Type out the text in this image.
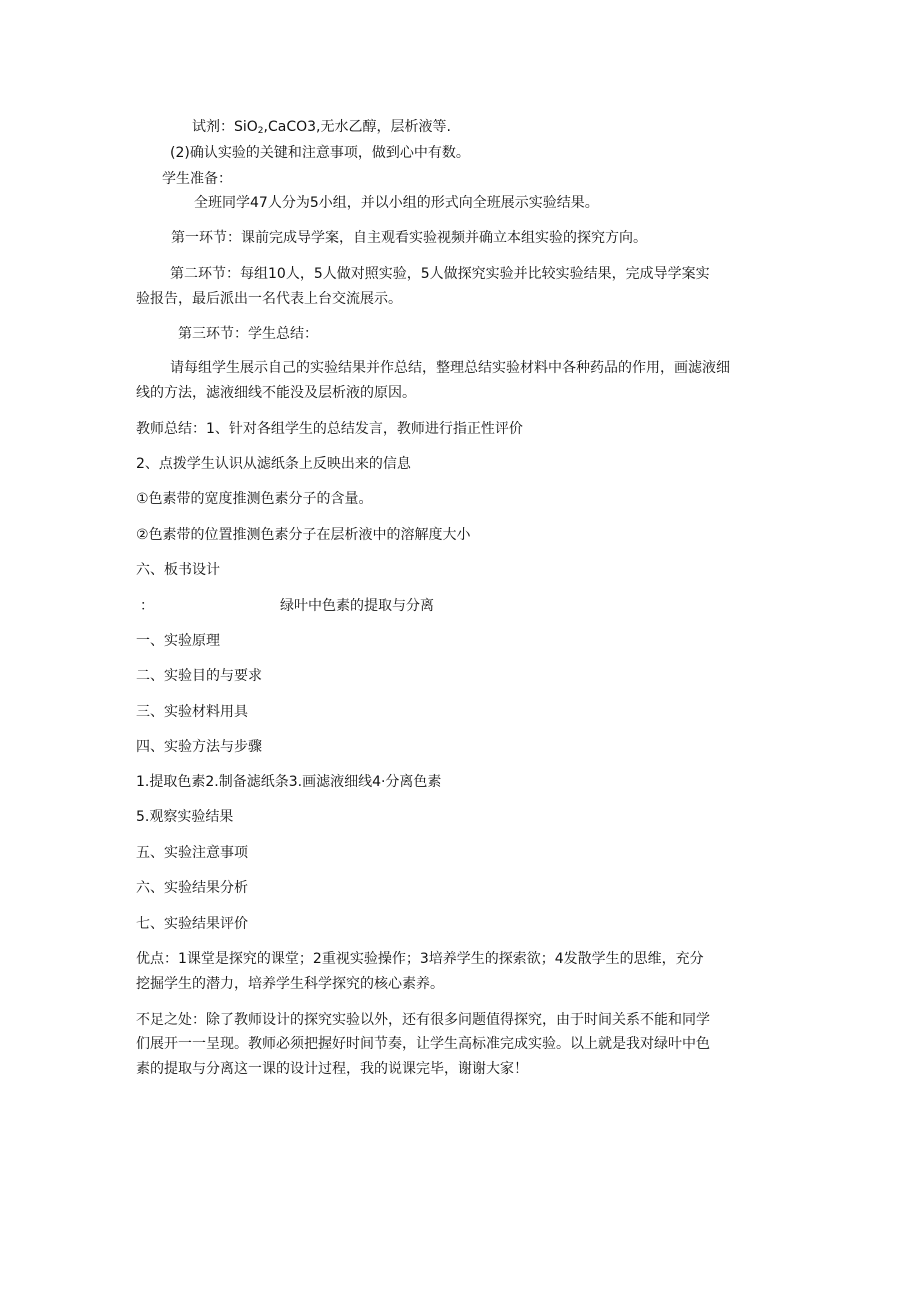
试剂：SiO$_2$,CaCO3,无水乙醇，层析液等.

(2)确认实验的关键和注意事项，做到心中有数。

学生准备：

全班同学47人分为5小组，并以小组的形式向全班展示实验结果。

第一环节：课前完成导学案，自主观看实验视频并确立本组实验的探究方向。

第二环节：每组10人，5人做对照实验，5人做探究实验并比较实验结果，完成导学案实

验报告，最后派出一名代表上台交流展示。

第三环节：学生总结：

请每组学生展示自己的实验结果并作总结，整理总结实验材料中各种药品的作用，画滤液细

线的方法，滤液细线不能没及层析液的原因。

教师总结：1、针对各组学生的总结发言，教师进行指正性评价

2、点拨学生认识从滤纸条上反映出来的信息

①色素带的宽度推测色素分子的含量。

②色素带的位置推测色素分子在层析液中的溶解度大小

六、板书设计

：	绿叶中色素的提取与分离

一、实验原理

二、实验目的与要求

三、实验材料用具

四、实验方法与步骤

1.提取色素2.制备滤纸条3.画滤液细线4·分离色素

5.观察实验结果

五、实验注意事项

六、实验结果分析

七、实验结果评价

优点：1课堂是探究的课堂；2重视实验操作；3培养学生的探索欲；4发散学生的思维，充分

挖掘学生的潜力，培养学生科学探究的核心素养。

不足之处：除了教师设计的探究实验以外，还有很多问题值得探究，由于时间关系不能和同学

们展开一一呈现。教师必须把握好时间节奏，让学生高标准完成实验。以上就是我对绿叶中色

素的提取与分离这一课的设计过程，我的说课完毕，谢谢大家！
